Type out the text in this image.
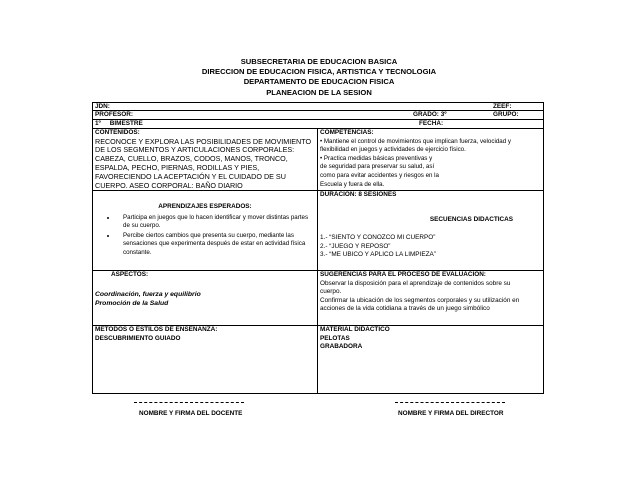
SUBSECRETARIA DE EDUCACION BASICA
DIRECCION DE EDUCACION FISICA, ARTISTICA Y TECNOLOGIA
DEPARTAMENTO DE EDUCACION FISICA
PLANEACION DE LA SESION
JDN:	ZEEF:
PROFESOR:	GRADO: 3º	GRUPO:
1º     BIMESTRE	FECHA:
CONTENIDOS:
RECONOCE Y EXPLORA LAS POSIBILIDADES DE MOVIMIENTO DE LOS SEGMENTOS Y ARTICULACIONES CORPORALES: CABEZA, CUELLO, BRAZOS, CODOS, MANOS, TRONCO, ESPALDA, PECHO, PIERNAS, RODILLAS Y PIES, FAVORECIENDO LA ACEPTACIÓN Y EL CUIDADO DE SU CUERPO. ASEO CORPORAL: BAÑO DIARIO
COMPETENCIAS:
• Mantiene el control de movimientos que implican fuerza, velocidad y
flexibilidad en juegos y actividades de ejercicio físico.
• Practica medidas básicas preventivas y
de seguridad para preservar su salud, así
como para evitar accidentes y riesgos en la
Escuela y fuera de ella.
APRENDIZAJES ESPERADOS:
• Participa en juegos que lo hacen identificar y mover distintas partes de su cuerpo.
• Percibe ciertos cambios que presenta su cuerpo, mediante las sensaciones que experimenta después de estar en actividad física constante.
DURACION: 8 SESIONES
SECUENCIAS DIDACTICAS
1.- “SIENTO Y CONOZCO MI CUERPO”
2.- “JUEGO Y REPOSO”
3.- “ME UBICO Y APLICO LA LIMPIEZA”
ASPECTOS:
Coordinación, fuerza y equilibrio
Promoción de la Salud
SUGERENCIAS PARA EL PROCESO DE EVALUACION:
Observar la disposición para el aprendizaje de contenidos sobre su
cuerpo.
Confirmar la ubicación de los segmentos corporales y su utilización en
acciones de la vida cotidiana a través de un juego simbólico
METODOS O ESTILOS DE ENSEÑANZA:
DESCUBRIMIENTO GUIADO
MATERIAL DIDACTICO
PELOTAS
GRABADORA
NOMBRE Y FIRMA DEL DOCENTE	NOMBRE Y FIRMA DEL DIRECTOR
